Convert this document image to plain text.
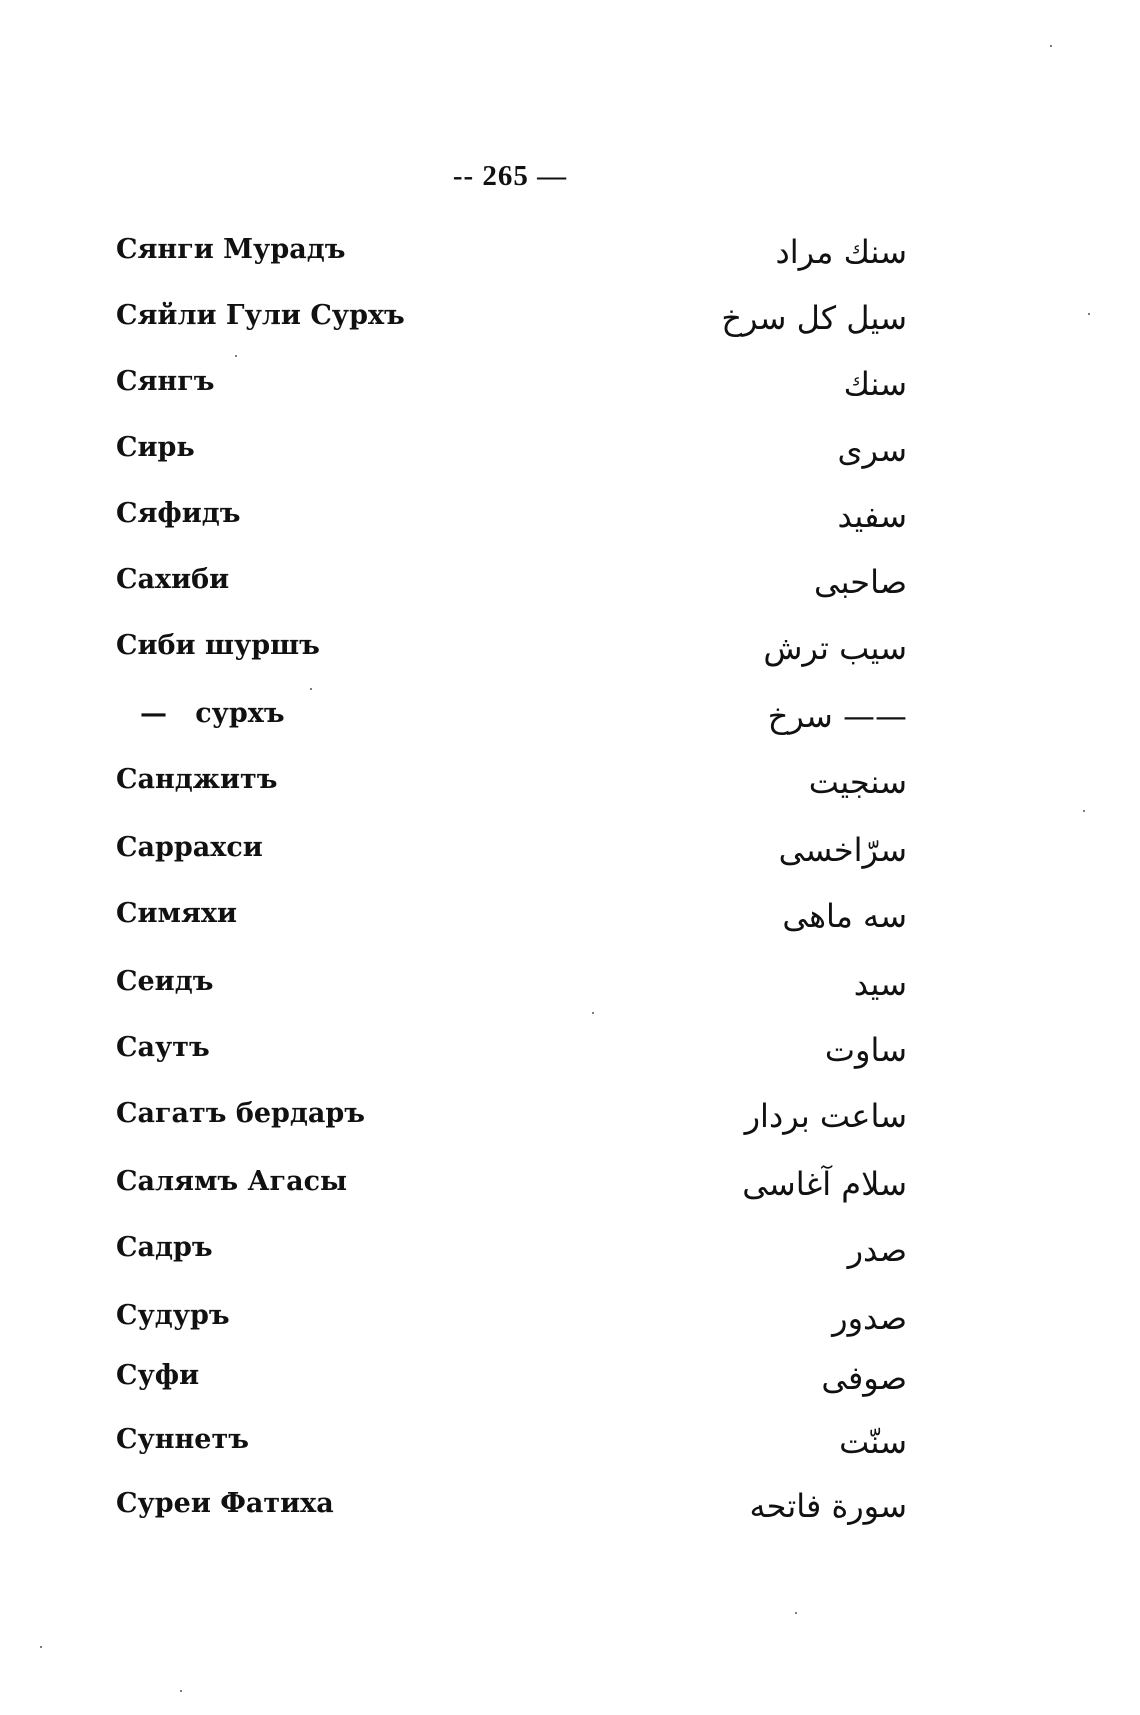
-- 265 —
Сянги Мурадъ	سنك مراد
Сяйли Гули Сурхъ	سيل كل سرخ
Сянгъ	سنك
Сирь	سرى
Сяфидъ	سفيد
Сахиби	صاحبى
Сиби шуршъ	سيب ترش
—   сурхъ	—— سرخ
Санджитъ	سنجيت
Саррахси	سرّاخسى
Симяхи	سه ماهى
Сеидъ	سيد
Саутъ	ساوت
Сагатъ бердаръ	ساعت بردار
Салямъ Агасы	سلام آغاسى
Садръ	صدر
Судуръ	صدور
Суфи	صوفى
Суннетъ	سنّت
Суреи Фатиха	سورة فاتحه
